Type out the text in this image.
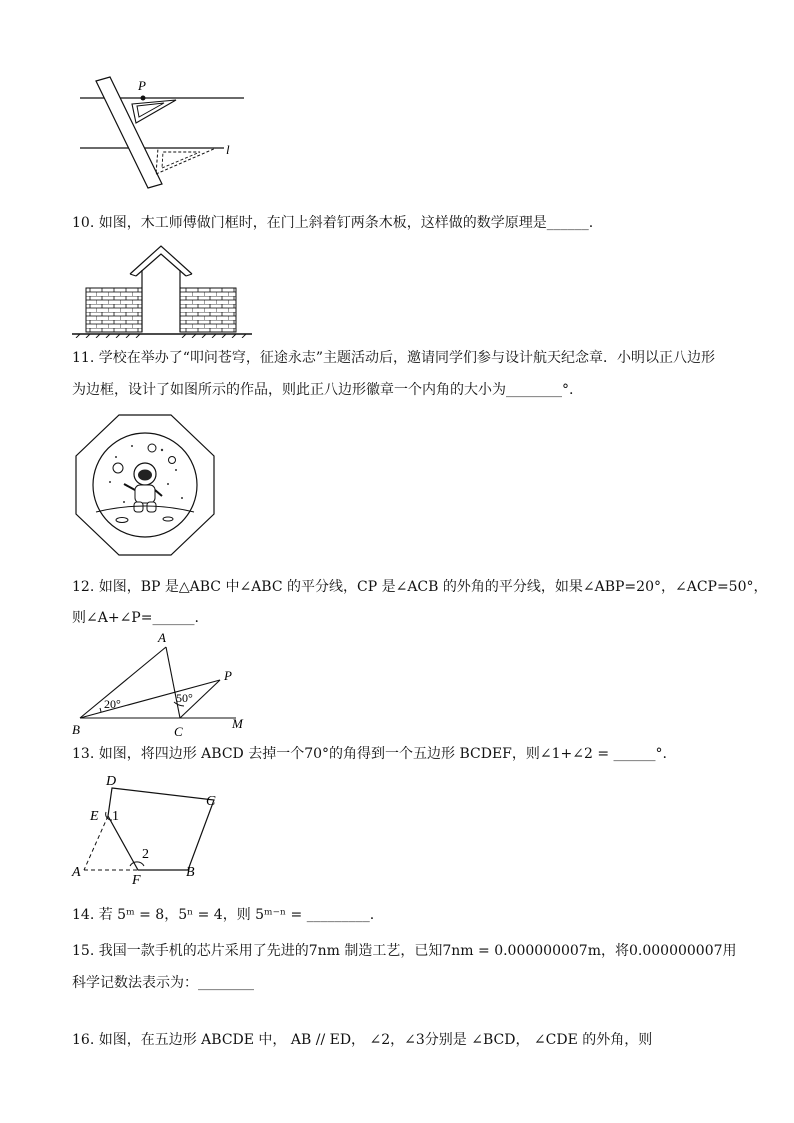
P
l
10. 如图，木工师傅做门框时，在门上斜着钉两条木板，这样做的数学原理是______.
11. 学校在举办了“叩问苍穹，征途永志”主题活动后，邀请同学们参与设计航天纪念章．小明以正八边形
为边框，设计了如图所示的作品，则此正八边形徽章一个内角的大小为________°.
12. 如图，BP 是△ABC 中∠ABC 的平分线，CP 是∠ACB 的外角的平分线，如果∠ABP=20°，∠ACP=50°，
则∠A+∠P=______.
A
B	C
P
M
20°	50°
13. 如图，将四边形 ABCD 去掉一个70°的角得到一个五边形 BCDEF，则∠1+∠2 = ______°.
D
C
E 1
2
A
F
B
14. 若 5ᵐ = 8，5ⁿ = 4，则 5ᵐ⁻ⁿ = _________.
15. 我国一款手机的芯片采用了先进的7nm 制造工艺，已知7nm = 0.000000007m，将0.000000007用
科学记数法表示为：________
16. 如图，在五边形 ABCDE 中， AB // ED， ∠2，∠3分别是 ∠BCD， ∠CDE 的外角，则
